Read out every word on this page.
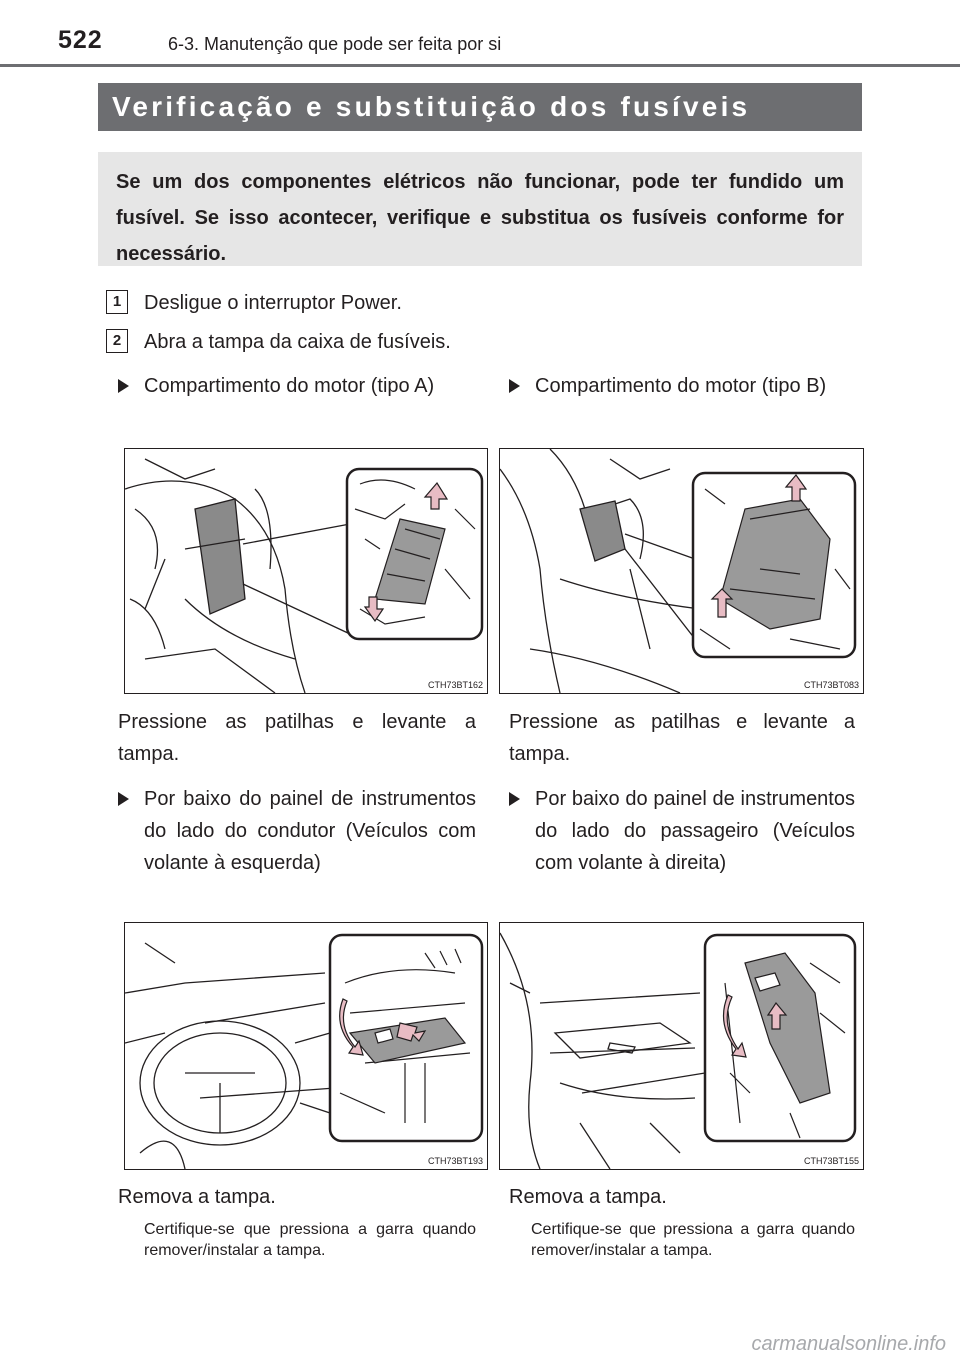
522	6-3. Manutenção que pode ser feita por si
Verificação e substituição dos fusíveis

Se um dos componentes elétricos não funcionar, pode ter fundido um fusível. Se isso acontecer, verifique e substitua os fusíveis conforme for necessário.

1	Desligue o interruptor Power.
2	Abra a tampa da caixa de fusíveis.
Compartimento do motor (tipo A)
CTH73BT162
Pressione as patilhas e levante a tampa.
Compartimento do motor (tipo B)
CTH73BT083
Pressione as patilhas e levante a tampa.
Por baixo do painel de instrumentos do lado do condutor (Veículos com volante à esquerda)
CTH73BT193
Remova a tampa.
Certifique-se que pressiona a garra quando remover/instalar a tampa.
Por baixo do painel de instrumentos do lado do passageiro (Veículos com volante à direita)
CTH73BT155
Remova a tampa.
Certifique-se que pressiona a garra quando remover/instalar a tampa.
carmanualsonline.info
